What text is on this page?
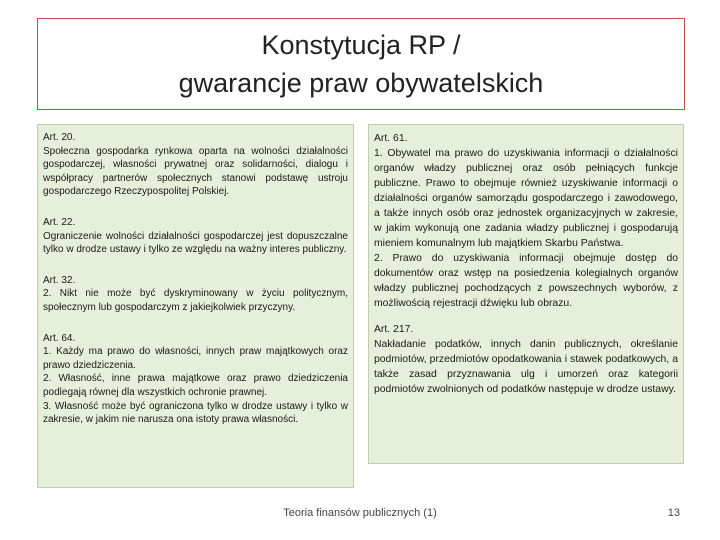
Konstytucja RP /
gwarancje praw obywatelskich
Art. 20.
Społeczna gospodarka rynkowa oparta na wolności działalności gospodarczej, własności prywatnej oraz solidarności, dialogu i współpracy partnerów społecznych stanowi podstawę ustroju gospodarczego Rzeczypospolitej Polskiej.
Art. 22.
Ograniczenie wolności działalności gospodarczej jest dopuszczalne tylko w drodze ustawy i tylko ze względu na ważny interes publiczny.
Art. 32.
2. Nikt nie może być dyskryminowany w życiu politycznym, społecznym lub gospodarczym z jakiejkolwiek przyczyny.
Art. 64.
1. Każdy ma prawo do własności, innych praw majątkowych oraz prawo dziedziczenia.
2. Własność, inne prawa majątkowe oraz prawo dziedziczenia podlegają równej dla wszystkich ochronie prawnej.
3. Własność może być ograniczona tylko w drodze ustawy i tylko w zakresie, w jakim nie narusza ona istoty prawa własności.
Art. 61.
1. Obywatel ma prawo do uzyskiwania informacji o działalności organów władzy publicznej oraz osób pełniących funkcje publiczne. Prawo to obejmuje również uzyskiwanie informacji o działalności organów samorządu gospodarczego i zawodowego, a także innych osób oraz jednostek organizacyjnych w zakresie, w jakim wykonują one zadania władzy publicznej i gospodarują mieniem komunalnym lub majątkiem Skarbu Państwa.
2. Prawo do uzyskiwania informacji obejmuje dostęp do dokumentów oraz wstęp na posiedzenia kolegialnych organów władzy publicznej pochodzących z powszechnych wyborów, z możliwością rejestracji dźwięku lub obrazu.
Art. 217.
Nakładanie podatków, innych danin publicznych, określanie podmiotów, przedmiotów opodatkowania i stawek podatkowych, a także zasad przyznawania ulg i umorzeń oraz kategorii podmiotów zwolnionych od podatków następuje w drodze ustawy.
Teoria finansów publicznych (1)	13
